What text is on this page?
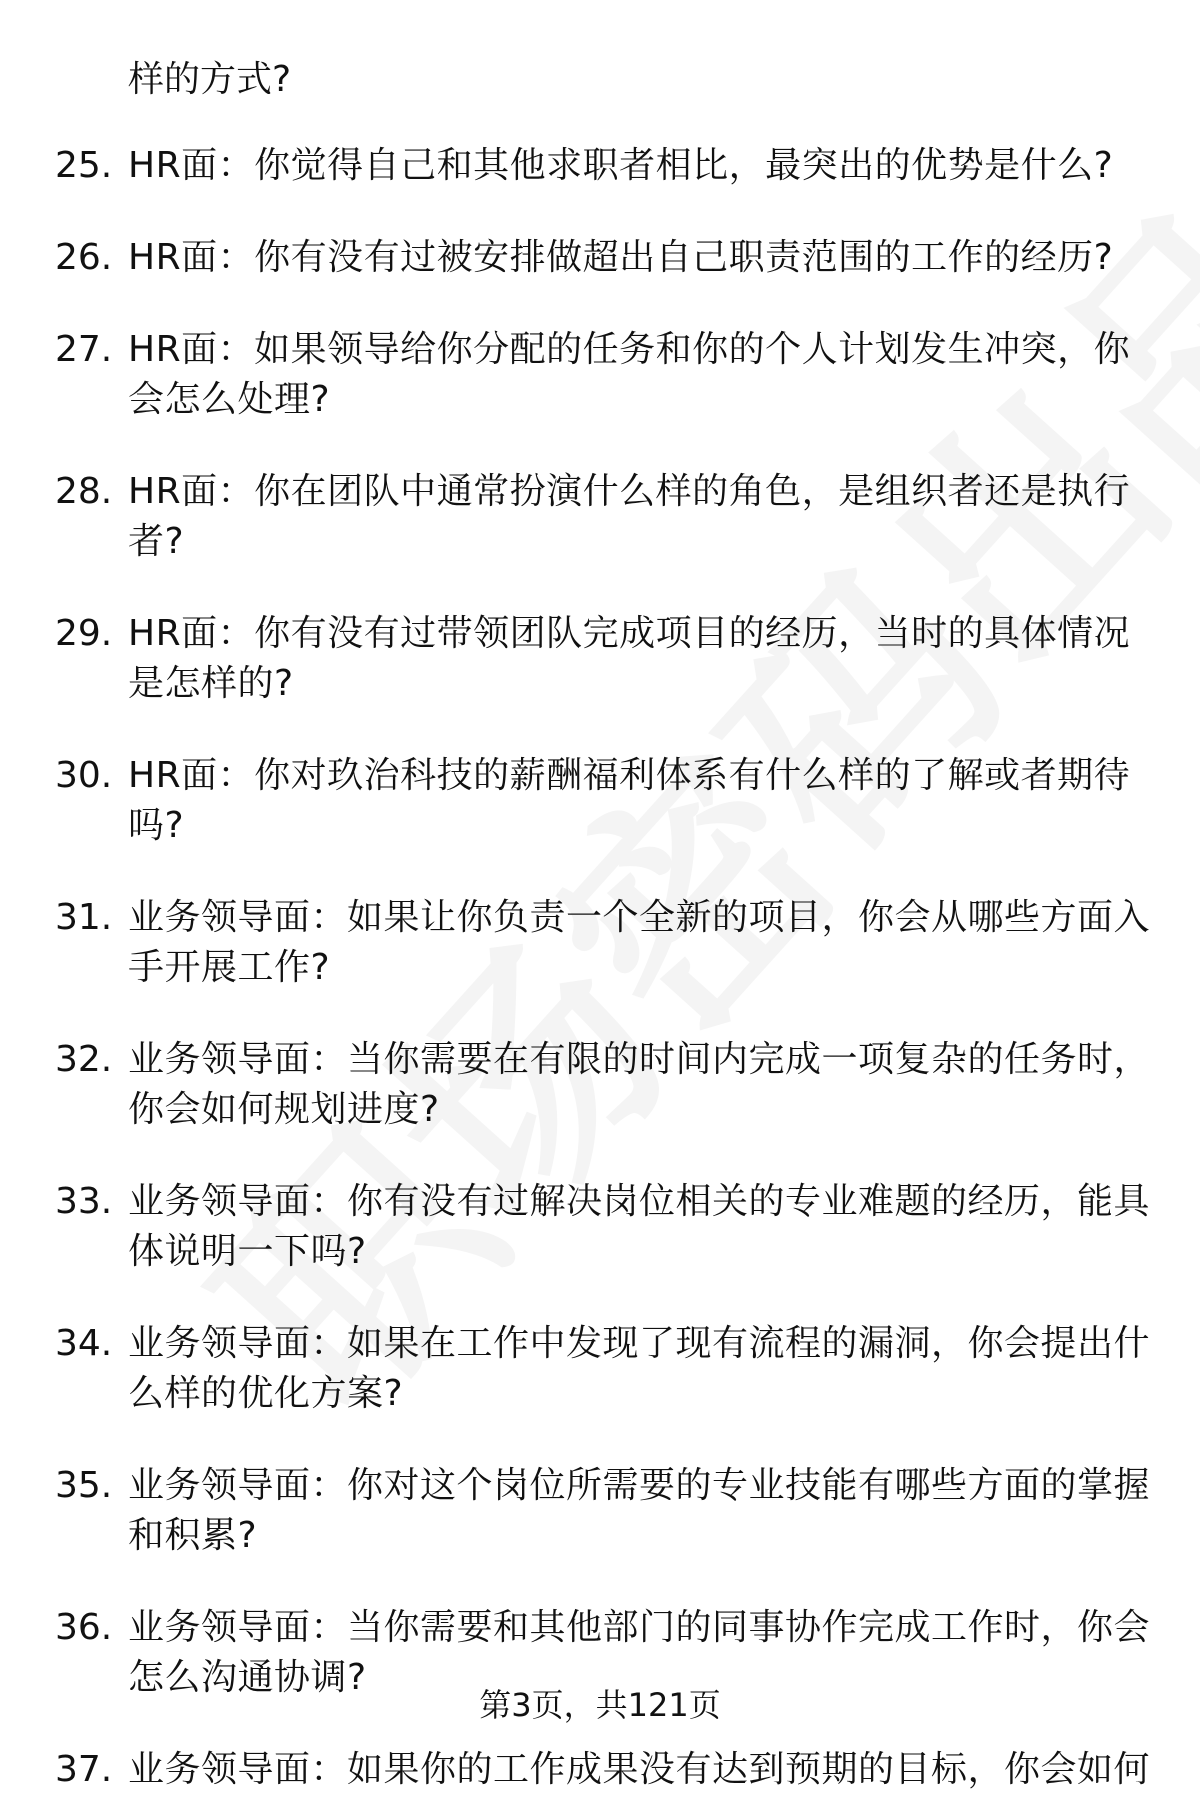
样的方式?
25. HR面：你觉得自己和其他求职者相比，最突出的优势是什么?
26. HR面：你有没有过被安排做超出自己职责范围的工作的经历?
27. HR面：如果领导给你分配的任务和你的个人计划发生冲突，你会怎么处理?
28. HR面：你在团队中通常扮演什么样的角色，是组织者还是执行者?
29. HR面：你有没有过带领团队完成项目的经历，当时的具体情况是怎样的?
30. HR面：你对玖治科技的薪酬福利体系有什么样的了解或者期待吗?
31. 业务领导面：如果让你负责一个全新的项目，你会从哪些方面入手开展工作?
32. 业务领导面：当你需要在有限的时间内完成一项复杂的任务时，你会如何规划进度?
33. 业务领导面：你有没有过解决岗位相关的专业难题的经历，能具体说明一下吗?
34. 业务领导面：如果在工作中发现了现有流程的漏洞，你会提出什么样的优化方案?
35. 业务领导面：你对这个岗位所需要的专业技能有哪些方面的掌握和积累?
36. 业务领导面：当你需要和其他部门的同事协作完成工作时，你会怎么沟通协调?
37. 业务领导面：如果你的工作成果没有达到预期的目标，你会如何
第3页，共121页
